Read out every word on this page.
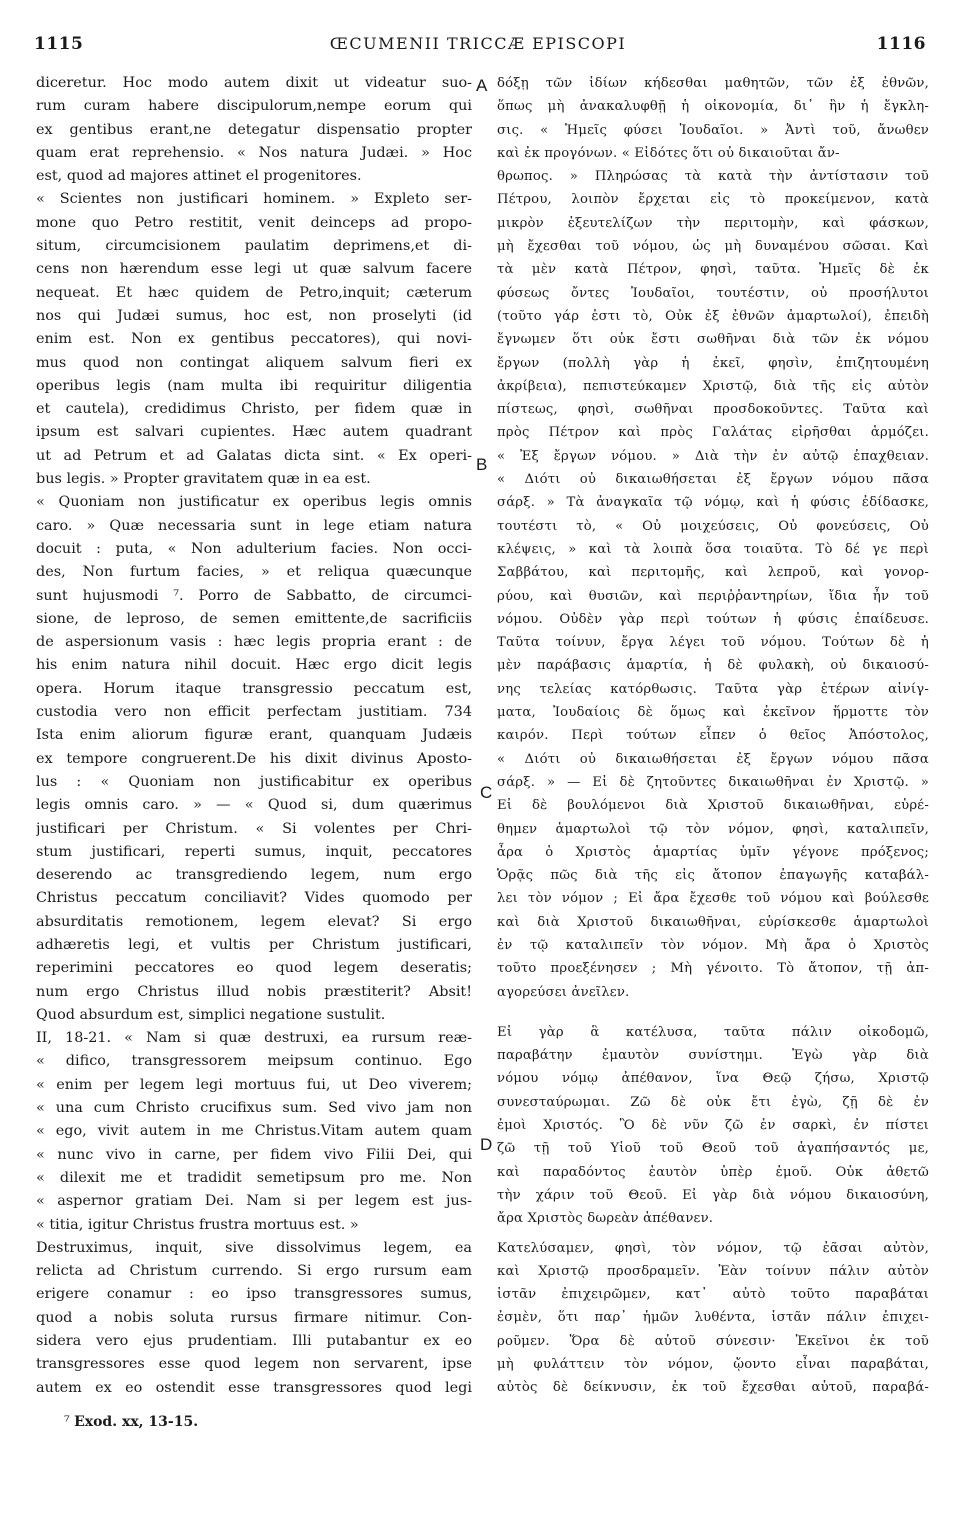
1115	ŒCUMENII TRICCÆ EPISCOPI	1116

diceretur. Hoc modo autem dixit ut videatur suo-

rum curam habere discipulorum,nempe eorum qui

ex gentibus erant,ne detegatur dispensatio propter

quam erat reprehensio. « Nos natura Judæi. » Hoc

est, quod ad majores attinet el progenitores.

« Scientes non justificari hominem. » Expleto ser-

mone quo Petro restitit, venit deinceps ad propo-

situm, circumcisionem paulatim deprimens,et di-

cens non hærendum esse legi ut quæ salvum facere

nequeat. Et hæc quidem de Petro,inquit; cæterum

nos qui Judæi sumus, hoc est, non proselyti (id

enim est. Non ex gentibus peccatores), qui novi-

mus quod non contingat aliquem salvum fieri ex

operibus legis (nam multa ibi requiritur diligentia

et cautela), credidimus Christo, per fidem quæ in

ipsum est salvari cupientes. Hæc autem quadrant

ut ad Petrum et ad Galatas dicta sint. « Ex operi-

bus legis. » Propter gravitatem quæ in ea est.

« Quoniam non justificatur ex operibus legis omnis

caro. » Quæ necessaria sunt in lege etiam natura

docuit : puta, « Non adulterium facies. Non occi-

des, Non furtum facies, » et reliqua quæcunque

sunt hujusmodi ⁷. Porro de Sabbatto, de circumci-

sione, de leproso, de semen emittente,de sacrificiis

de aspersionum vasis : hæc legis propria erant : de

his enim natura nihil docuit. Hæc ergo dicit legis

opera. Horum itaque transgressio peccatum est,

custodia vero non efficit perfectam justitiam. 734

Ista enim aliorum figuræ erant, quanquam Judæis

ex tempore congruerent.De his dixit divinus Aposto-

lus : « Quoniam non justificabitur ex operibus

legis omnis caro. » — « Quod si, dum quærimus

justificari per Christum. « Si volentes per Chri-

stum justificari, reperti sumus, inquit, peccatores

deserendo ac transgrediendo legem, num ergo

Christus peccatum conciliavit? Vides quomodo per

absurditatis remotionem, legem elevat? Si ergo

adhæretis legi, et vultis per Christum justificari,

reperimini peccatores eo quod legem deseratis;

num ergo Christus illud nobis præstiterit? Absit!

Quod absurdum est, simplici negatione sustulit.

II, 18-21. « Nam si quæ destruxi, ea rursum reæ-

« difico, transgressorem meipsum continuo. Ego

« enim per legem legi mortuus fui, ut Deo viverem;

« una cum Christo crucifixus sum. Sed vivo jam non

« ego, vivit autem in me Christus.Vitam autem quam

« nunc vivo in carne, per fidem vivo Filii Dei, qui

« dilexit me et tradidit semetipsum pro me. Non

« aspernor gratiam Dei. Nam si per legem est jus-

« titia, igitur Christus frustra mortuus est. »

Destruximus, inquit, sive dissolvimus legem, ea

relicta ad Christum currendo. Si ergo rursum eam

erigere conamur : eo ipso transgressores sumus,

quod a nobis soluta rursus firmare nitimur. Con-

sidera vero ejus prudentiam. Illi putabantur ex eo

transgressores esse quod legem non servarent, ipse

autem ex eo ostendit esse transgressores quod legi

δόξῃ τῶν ἰδίων κήδεσθαι μαθητῶν, τῶν ἐξ ἐθνῶν,

ὅπως μὴ ἀνακαλυφθῇ ἡ οἰκονομία, δι᾽ ἣν ἡ ἔγκλη-

σις. « Ἡμεῖς φύσει Ἰουδαῖοι. » Ἀντὶ τοῦ, ἄνωθεν

καὶ ἐκ προγόνων. « Εἰδότες ὅτι οὐ δικαιοῦται ἄν-

θρωπος. » Πληρώσας τὰ κατὰ τὴν ἀντίστασιν τοῦ

Πέτρου, λοιπὸν ἔρχεται εἰς τὸ προκείμενον, κατὰ

μικρὸν ἐξευτελίζων τὴν περιτομὴν, καὶ φάσκων,

μὴ ἔχεσθαι τοῦ νόμου, ὡς μὴ δυναμένου σῶσαι. Καὶ

τὰ μὲν κατὰ Πέτρον, φησὶ, ταῦτα. Ἡμεῖς δὲ ἐκ

φύσεως ὄντες Ἰουδαῖοι, τουτέστιν, οὐ προσήλυτοι

(τοῦτο γάρ ἐστι τὸ, Οὐκ ἐξ ἐθνῶν ἁμαρτωλοί), ἐπειδὴ

ἔγνωμεν ὅτι οὐκ ἔστι σωθῆναι διὰ τῶν ἐκ νόμου

ἔργων (πολλὴ γὰρ ἡ ἐκεῖ, φησὶν, ἐπιζητουμένη

ἀκρίβεια), πεπιστεύκαμεν Χριστῷ, διὰ τῆς εἰς αὐτὸν

πίστεως, φησὶ, σωθῆναι προσδοκοῦντες. Ταῦτα καὶ

πρὸς Πέτρον καὶ πρὸς Γαλάτας εἰρῆσθαι ἁρμόζει.

« Ἐξ ἔργων νόμου. » Διὰ τὴν ἐν αὐτῷ ἐπαχθειαν.

« Διότι οὐ δικαιωθήσεται ἐξ ἔργων νόμου πᾶσα

σάρξ. » Τὰ ἀναγκαῖα τῷ νόμῳ, καὶ ἡ φύσις ἐδίδασκε,

τουτέστι τὸ, « Οὐ μοιχεύσεις, Οὐ φονεύσεις, Οὐ

κλέψεις, » καὶ τὰ λοιπὰ ὅσα τοιαῦτα. Τὸ δέ γε περὶ

Σαββάτου, καὶ περιτομῆς, καὶ λεπροῦ, καὶ γονορ-

ρύου, καὶ θυσιῶν, καὶ περιῤῥαντηρίων, ἴδια ἦν τοῦ

νόμου. Οὐδὲν γὰρ περὶ τούτων ἡ φύσις ἐπαίδευσε.

Ταῦτα τοίνυν, ἔργα λέγει τοῦ νόμου. Τούτων δὲ ἡ

μὲν παράβασις ἁμαρτία, ἡ δὲ φυλακὴ, οὐ δικαιοσύ-

νης τελείας κατόρθωσις. Ταῦτα γὰρ ἑτέρων αἰνίγ-

ματα, Ἰουδαίοις δὲ ὅμως καὶ ἐκεῖνον ἥρμοττε τὸν

καιρόν. Περὶ τούτων εἶπεν ὁ θεῖος Ἀπόστολος,

« Διότι οὐ δικαιωθήσεται ἐξ ἔργων νόμου πᾶσα

σάρξ. » — Εἰ δὲ ζητοῦντες δικαιωθῆναι ἐν Χριστῷ. »

Εἰ δὲ βουλόμενοι διὰ Χριστοῦ δικαιωθῆναι, εὑρέ-

θημεν ἁμαρτωλοὶ τῷ τὸν νόμον, φησὶ, καταλιπεῖν,

ἆρα ὁ Χριστὸς ἁμαρτίας ὑμῖν γέγονε πρόξενος;

Ὁρᾷς πῶς διὰ τῆς εἰς ἄτοπον ἐπαγωγῆς καταβάλ-

λει τὸν νόμον ; Εἰ ἄρα ἔχεσθε τοῦ νόμου καὶ βούλεσθε

καὶ διὰ Χριστοῦ δικαιωθῆναι, εὑρίσκεσθε ἁμαρτωλοὶ

ἐν τῷ καταλιπεῖν τὸν νόμον. Μὴ ἄρα ὁ Χριστὸς

τοῦτο προεξένησεν ; Μὴ γένοιτο. Τὸ ἄτοπον, τῇ ἀπ-

αγορεύσει ἀνεῖλεν.

Εἰ γὰρ ἃ κατέλυσα, ταῦτα πάλιν οἰκοδομῶ,

παραβάτην ἐμαυτὸν συνίστημι. Ἐγὼ γὰρ διὰ

νόμου νόμῳ ἀπέθανον, ἵνα Θεῷ ζήσω, Χριστῷ

συνεσταύρωμαι. Ζῶ δὲ οὐκ ἔτι ἐγὼ, ζῇ δὲ ἐν

ἐμοὶ Χριστός. Ὃ δὲ νῦν ζῶ ἐν σαρκὶ, ἐν πίστει

ζῶ τῇ τοῦ Υἱοῦ τοῦ Θεοῦ τοῦ ἀγαπήσαντός με,

καὶ παραδόντος ἑαυτὸν ὑπὲρ ἐμοῦ. Οὐκ ἀθετῶ

τὴν χάριν τοῦ Θεοῦ. Εἰ γὰρ διὰ νόμου δικαιοσύνη,

ἄρα Χριστὸς δωρεὰν ἀπέθανεν.

Κατελύσαμεν, φησὶ, τὸν νόμον, τῷ ἐᾶσαι αὐτὸν,

καὶ Χριστῷ προσδραμεῖν. Ἐὰν τοίνυν πάλιν αὐτὸν

ἱστᾶν ἐπιχειρῶμεν, κατ᾽ αὐτὸ τοῦτο παραβάται

ἐσμὲν, ὅτι παρ᾽ ἡμῶν λυθέντα, ἱστᾶν πάλιν ἐπιχει-

ροῦμεν. Ὅρα δὲ αὐτοῦ σύνεσιν· Ἐκεῖνοι ἐκ τοῦ

μὴ φυλάττειν τὸν νόμον, ᾤοντο εἶναι παραβάται,

αὐτὸς δὲ δείκνυσιν, ἐκ τοῦ ἔχεσθαι αὐτοῦ, παραβά-

A
B
C
D
⁷ Exod. xx, 13-15.
